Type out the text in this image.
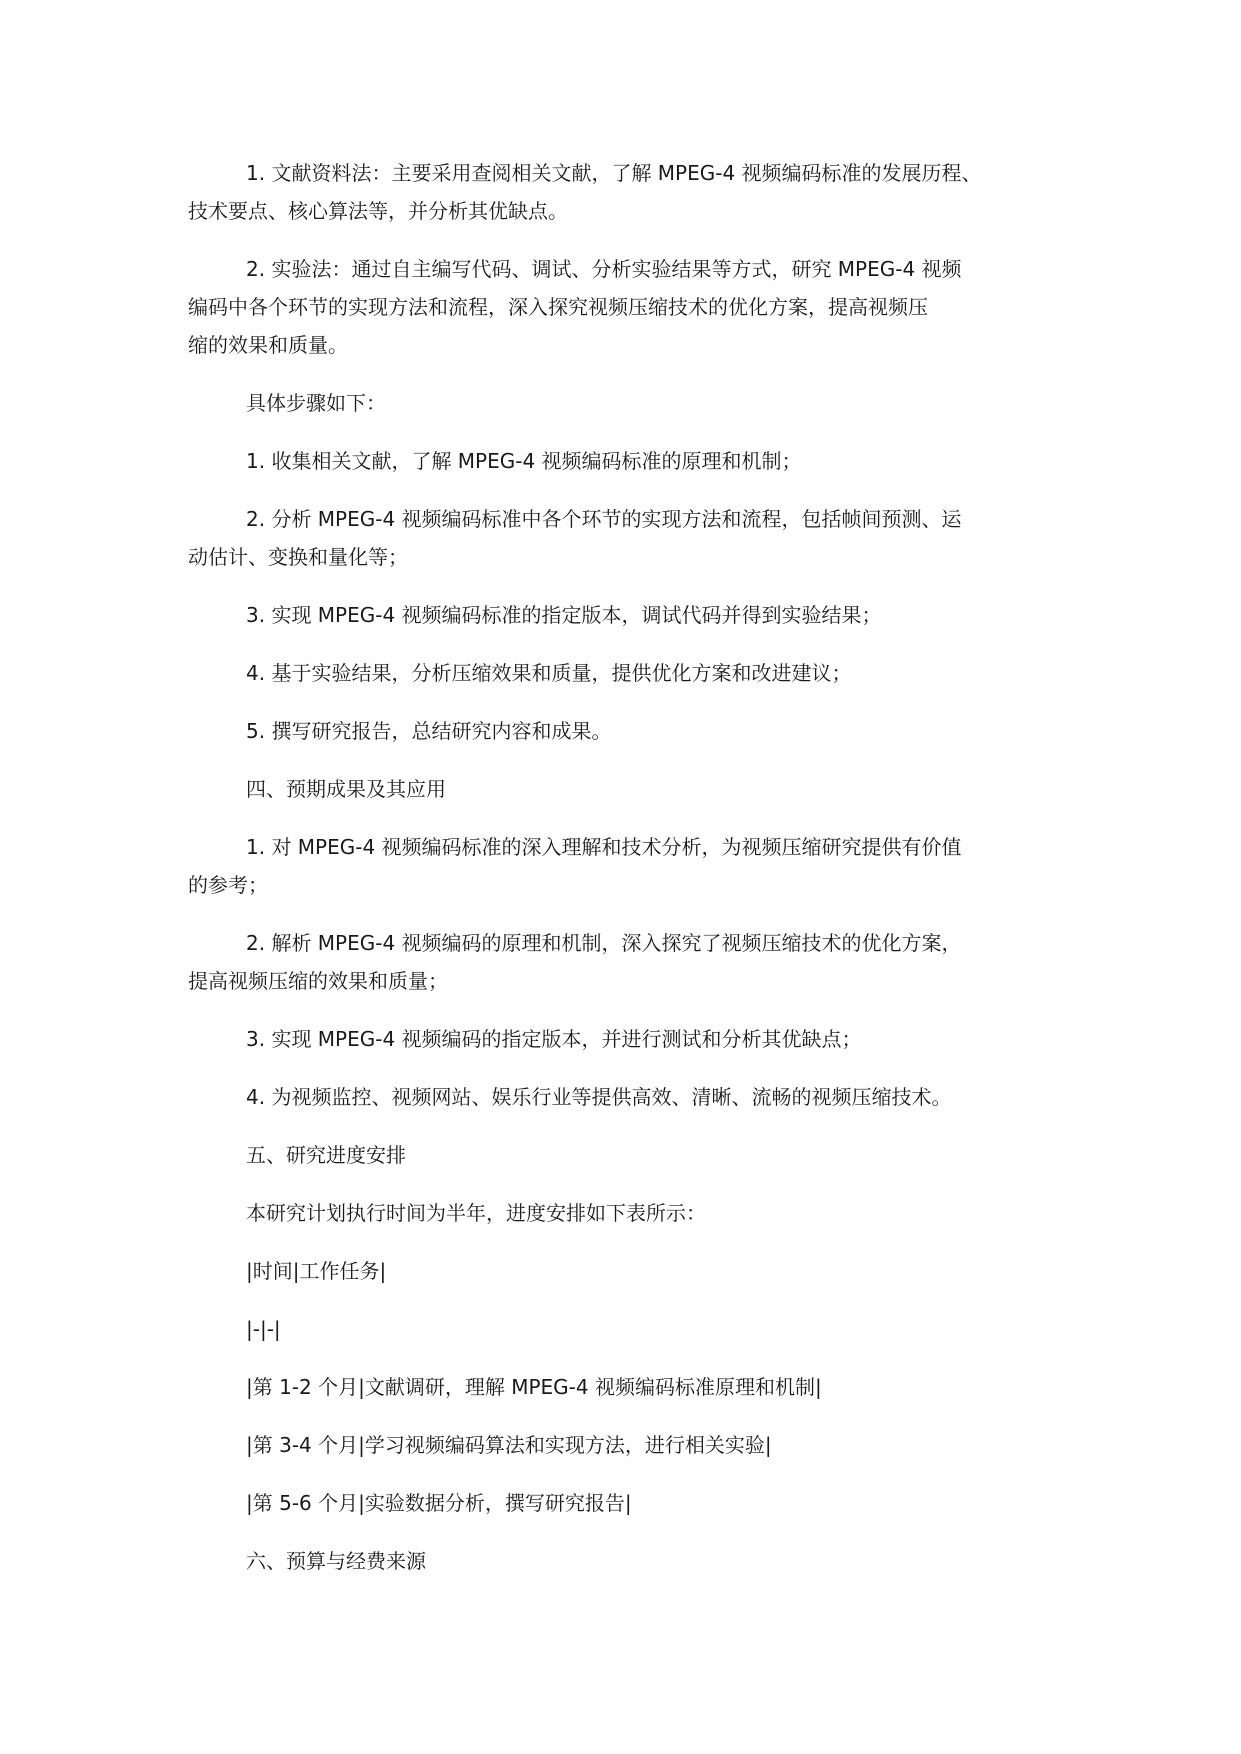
1. 文献资料法：主要采用查阅相关文献，了解 MPEG-4 视频编码标准的发展历程、
技术要点、核心算法等，并分析其优缺点。

2. 实验法：通过自主编写代码、调试、分析实验结果等方式，研究 MPEG-4 视频
编码中各个环节的实现方法和流程，深入探究视频压缩技术的优化方案，提高视频压
缩的效果和质量。

具体步骤如下：

1. 收集相关文献，了解 MPEG-4 视频编码标准的原理和机制；

2. 分析 MPEG-4 视频编码标准中各个环节的实现方法和流程，包括帧间预测、运
动估计、变换和量化等；

3. 实现 MPEG-4 视频编码标准的指定版本，调试代码并得到实验结果；

4. 基于实验结果，分析压缩效果和质量，提供优化方案和改进建议；

5. 撰写研究报告，总结研究内容和成果。

四、预期成果及其应用

1. 对 MPEG-4 视频编码标准的深入理解和技术分析，为视频压缩研究提供有价值
的参考；

2. 解析 MPEG-4 视频编码的原理和机制，深入探究了视频压缩技术的优化方案，
提高视频压缩的效果和质量；

3. 实现 MPEG-4 视频编码的指定版本，并进行测试和分析其优缺点；

4. 为视频监控、视频网站、娱乐行业等提供高效、清晰、流畅的视频压缩技术。

五、研究进度安排

本研究计划执行时间为半年，进度安排如下表所示：

|时间|工作任务|

|-|-|

|第 1-2 个月|文献调研，理解 MPEG-4 视频编码标准原理和机制|

|第 3-4 个月|学习视频编码算法和实现方法，进行相关实验|

|第 5-6 个月|实验数据分析，撰写研究报告|

六、预算与经费来源
